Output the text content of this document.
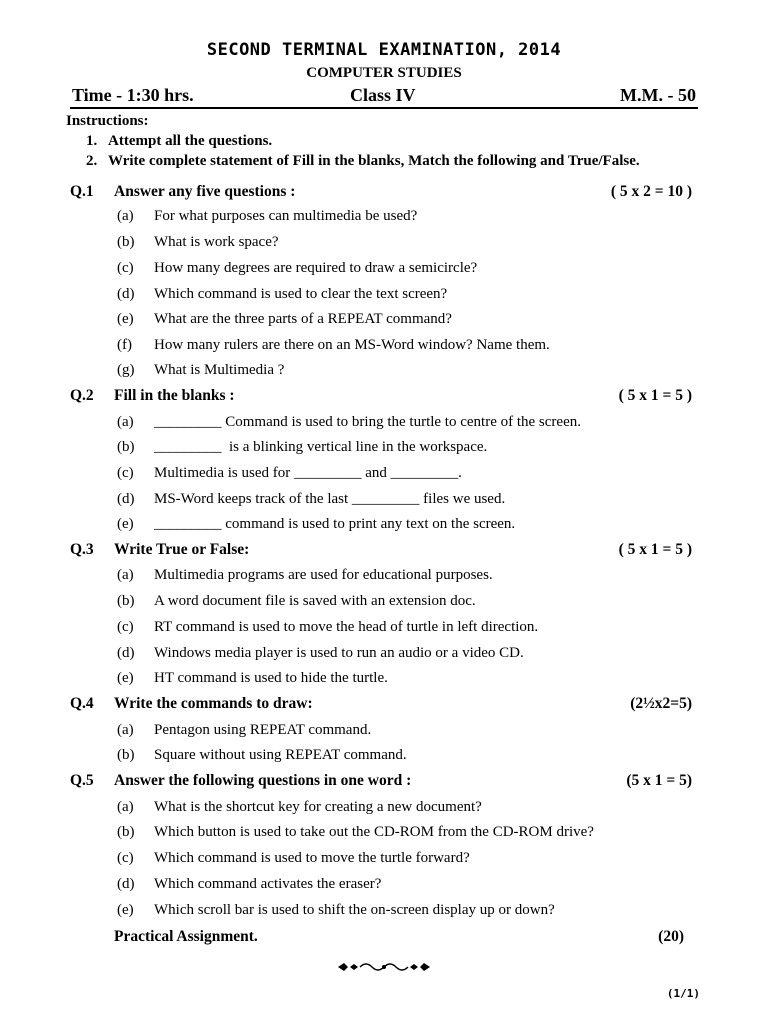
SECOND TERMINAL EXAMINATION, 2014
COMPUTER STUDIES
Time - 1:30 hrs.	Class IV	M.M. - 50
Instructions:
1. Attempt all the questions.
2. Write complete statement of Fill in the blanks, Match the following and True/False.
Q.1 Answer any five questions :	( 5 x 2 = 10 )
(a) For what purposes can multimedia be used?
(b) What is work space?
(c) How many degrees are required to draw a semicircle?
(d) Which command is used to clear the text screen?
(e) What are the three parts of a REPEAT command?
(f) How many rulers are there on an MS-Word window? Name them.
(g) What is Multimedia ?
Q.2 Fill in the blanks :	( 5 x 1 = 5 )
(a) _________ Command is used to bring the turtle to centre of the screen.
(b) _________  is a blinking vertical line in the workspace.
(c) Multimedia is used for _________ and _________.
(d) MS-Word keeps track of the last _________ files we used.
(e) _________ command is used to print any text on the screen.
Q.3 Write True or False:	( 5 x 1 = 5 )
(a) Multimedia programs are used for educational purposes.
(b) A word document file is saved with an extension doc.
(c) RT command is used to move the head of turtle in left direction.
(d) Windows media player is used to run an audio or a video CD.
(e) HT command is used to hide the turtle.
Q.4 Write the commands to draw:	(2½x2=5)
(a) Pentagon using REPEAT command.
(b) Square without using REPEAT command.
Q.5 Answer the following questions in one word :	(5 x 1 = 5)
(a) What is the shortcut key for creating a new document?
(b) Which button is used to take out the CD-ROM from the CD-ROM drive?
(c) Which command is used to move the turtle forward?
(d) Which command activates the eraser?
(e) Which scroll bar is used to shift the on-screen display up or down?
Practical Assignment.	(20)
(1/1)
